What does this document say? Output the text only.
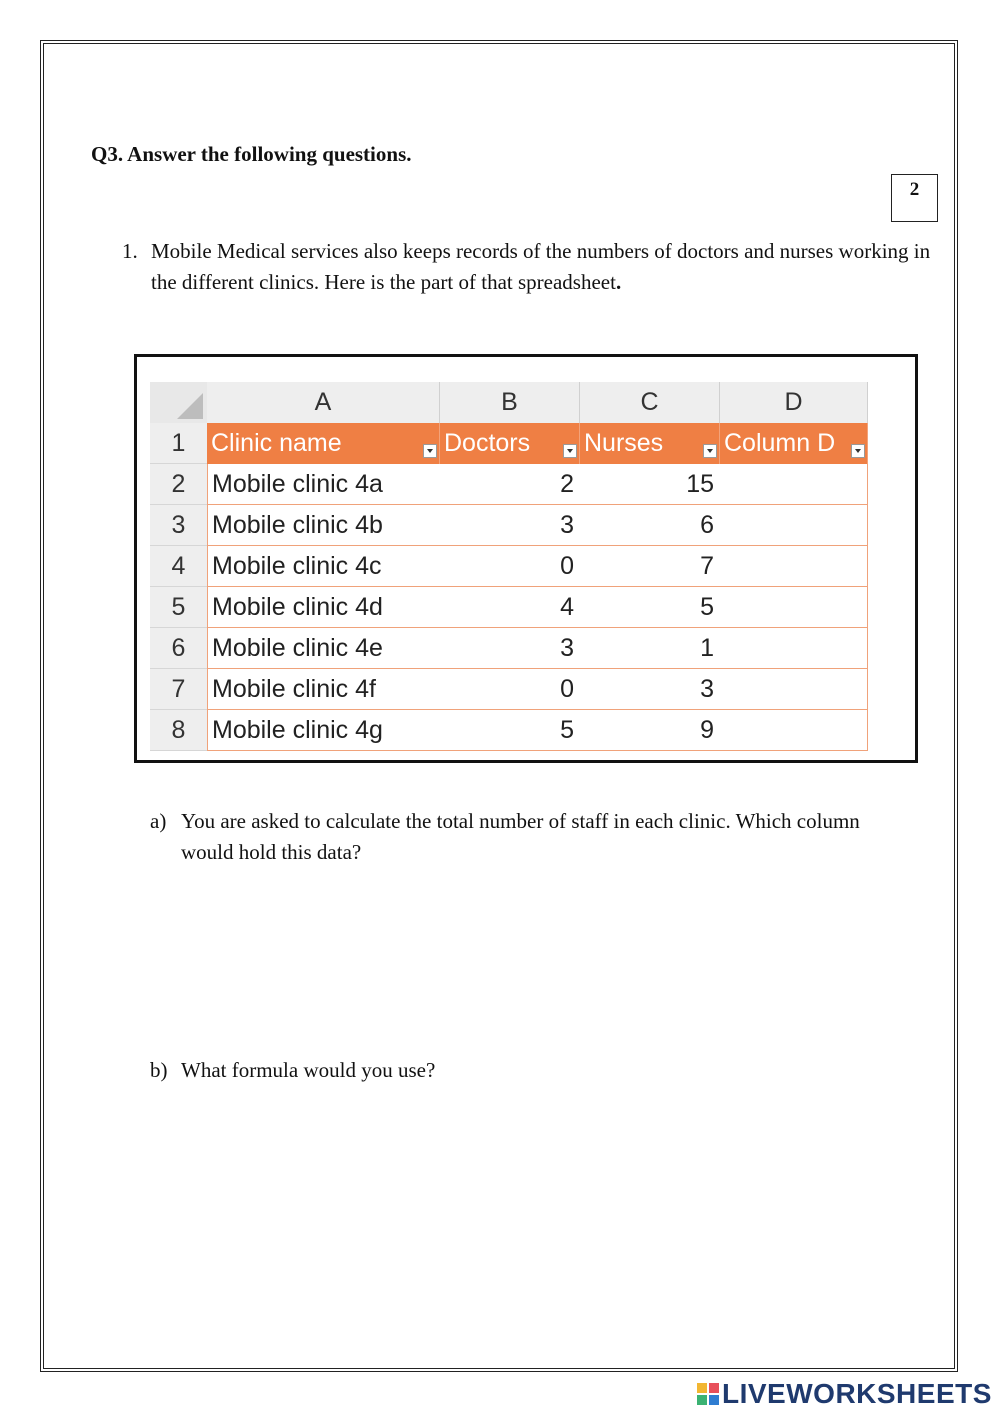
Q3. Answer the following questions.
2
1. Mobile Medical services also keeps records of the numbers of doctors and nurses working in the different clinics. Here is the part of that spreadsheet.
A	B	C	D
1	Clinic name	Doctors	Nurses	Column D
2	Mobile clinic 4a	2	15
3	Mobile clinic 4b	3	6
4	Mobile clinic 4c	0	7
5	Mobile clinic 4d	4	5
6	Mobile clinic 4e	3	1
7	Mobile clinic 4f	0	3
8	Mobile clinic 4g	5	9
a) You are asked to calculate the total number of staff in each clinic. Which column would hold this data?
b) What formula would you use?
LIVEWORKSHEETS
